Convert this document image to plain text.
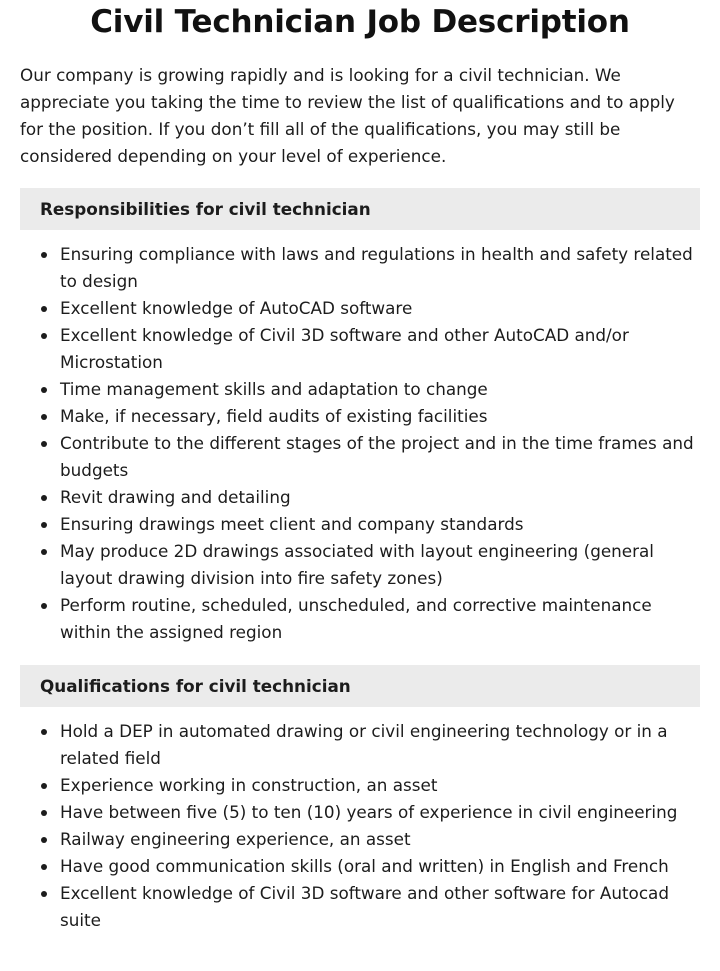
Civil Technician Job Description

Our company is growing rapidly and is looking for a civil technician. We appreciate you taking the time to review the list of qualifications and to apply for the position. If you don’t fill all of the qualifications, you may still be considered depending on your level of experience.

Responsibilities for civil technician
Ensuring compliance with laws and regulations in health and safety related to design
Excellent knowledge of AutoCAD software
Excellent knowledge of Civil 3D software and other AutoCAD and/or Microstation
Time management skills and adaptation to change
Make, if necessary, field audits of existing facilities
Contribute to the different stages of the project and in the time frames and budgets
Revit drawing and detailing
Ensuring drawings meet client and company standards
May produce 2D drawings associated with layout engineering (general layout drawing division into fire safety zones)
Perform routine, scheduled, unscheduled, and corrective maintenance within the assigned region
Qualifications for civil technician
Hold a DEP in automated drawing or civil engineering technology or in a related field
Experience working in construction, an asset
Have between five (5) to ten (10) years of experience in civil engineering
Railway engineering experience, an asset
Have good communication skills (oral and written) in English and French
Excellent knowledge of Civil 3D software and other software for Autocad suite
